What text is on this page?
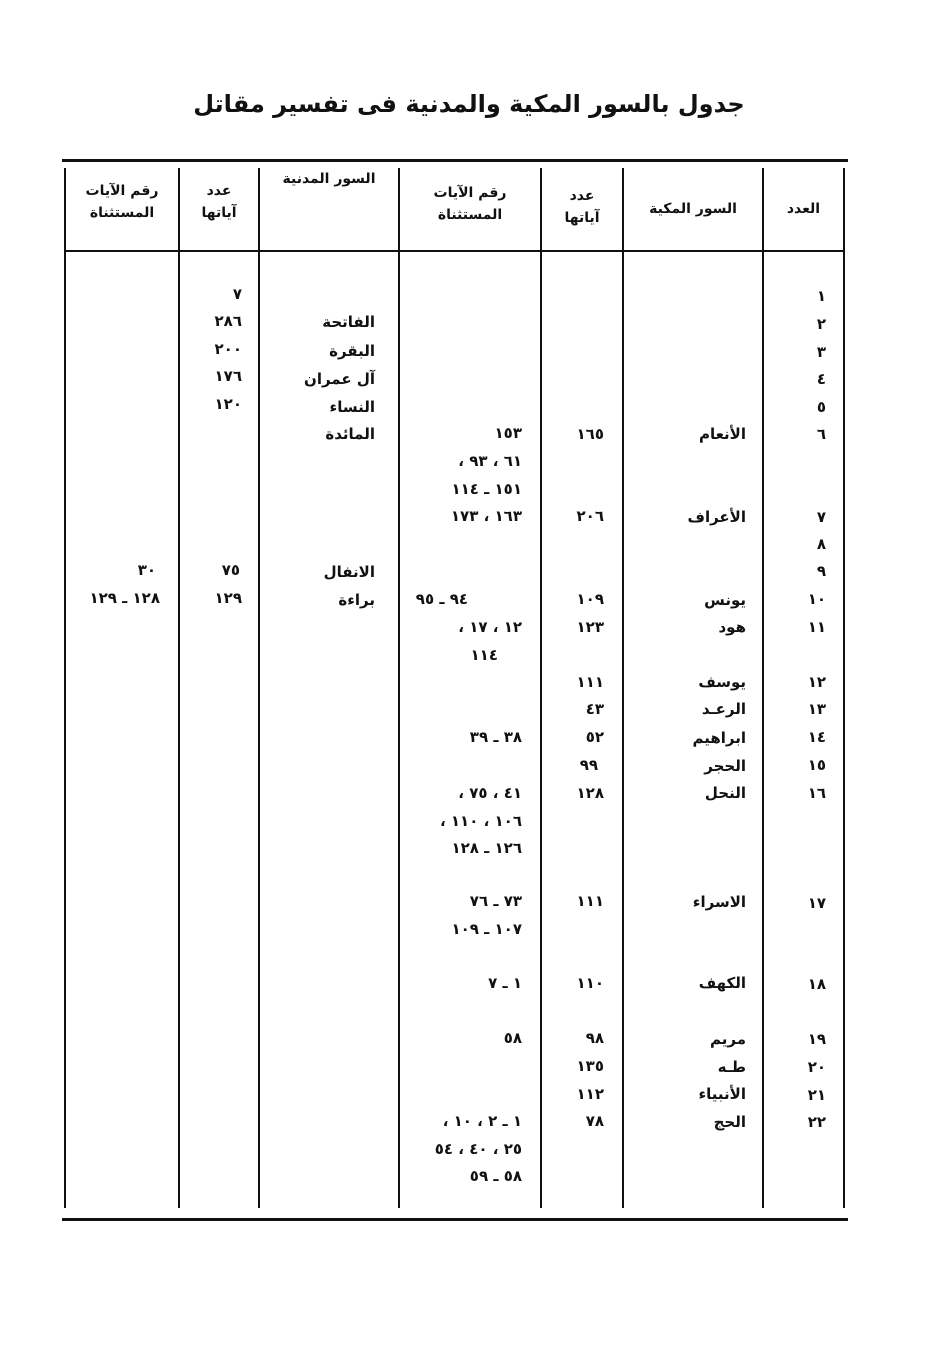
جدول بالسور المكية والمدنية فى تفسير مقاتل
العدد
السور المكية
عدد
آياتها
رقم الآيات
المستثناة
السور المدنية
عدد
آياتها
رقم الآيات
المستثناة
١
٧
٢
الفاتحة
٢٨٦
٣
البقرة
٢٠٠
٤
آل عمران
١٧٦
٥
النساء
١٢٠
٦
الأنعام
١٦٥
١٥٣
٦١ ، ٩٣ ،
١٥١ ـ ١١٤
المائدة
٧
الأعراف
٢٠٦
١٦٣ ، ١٧٣
٨
٩
الانفال
٧٥
٣٠
١٠
يونس
١٠٩
٩٤ ـ ٩٥
براءة
١٢٩
١٢٨ ـ ١٢٩
١١
هود
١٢٣
١٢ ، ١٧ ،
١١٤
١٢
يوسف
١١١
١٣
الرعـد
٤٣
١٤
ابراهيم
٥٢
٣٨ ـ ٣٩
١٥
الحجر
٩٩
١٦
النحل
١٢٨
٤١ ، ٧٥ ،
١٠٦ ، ١١٠ ،
١٢٦ ـ ١٢٨
١٧
الاسراء
١١١
٧٣ ـ ٧٦
١٠٧ ـ ١٠٩
١٨
الكهف
١١٠
١ ـ ٧
١٩
مريم
٩٨
٥٨
٢٠
طـه
١٣٥
٢١
الأنبياء
١١٢
٢٢
الحج
٧٨
١ ـ ٢ ، ١٠ ،
٢٥ ، ٤٠ ، ٥٤
٥٨ ـ ٥٩
